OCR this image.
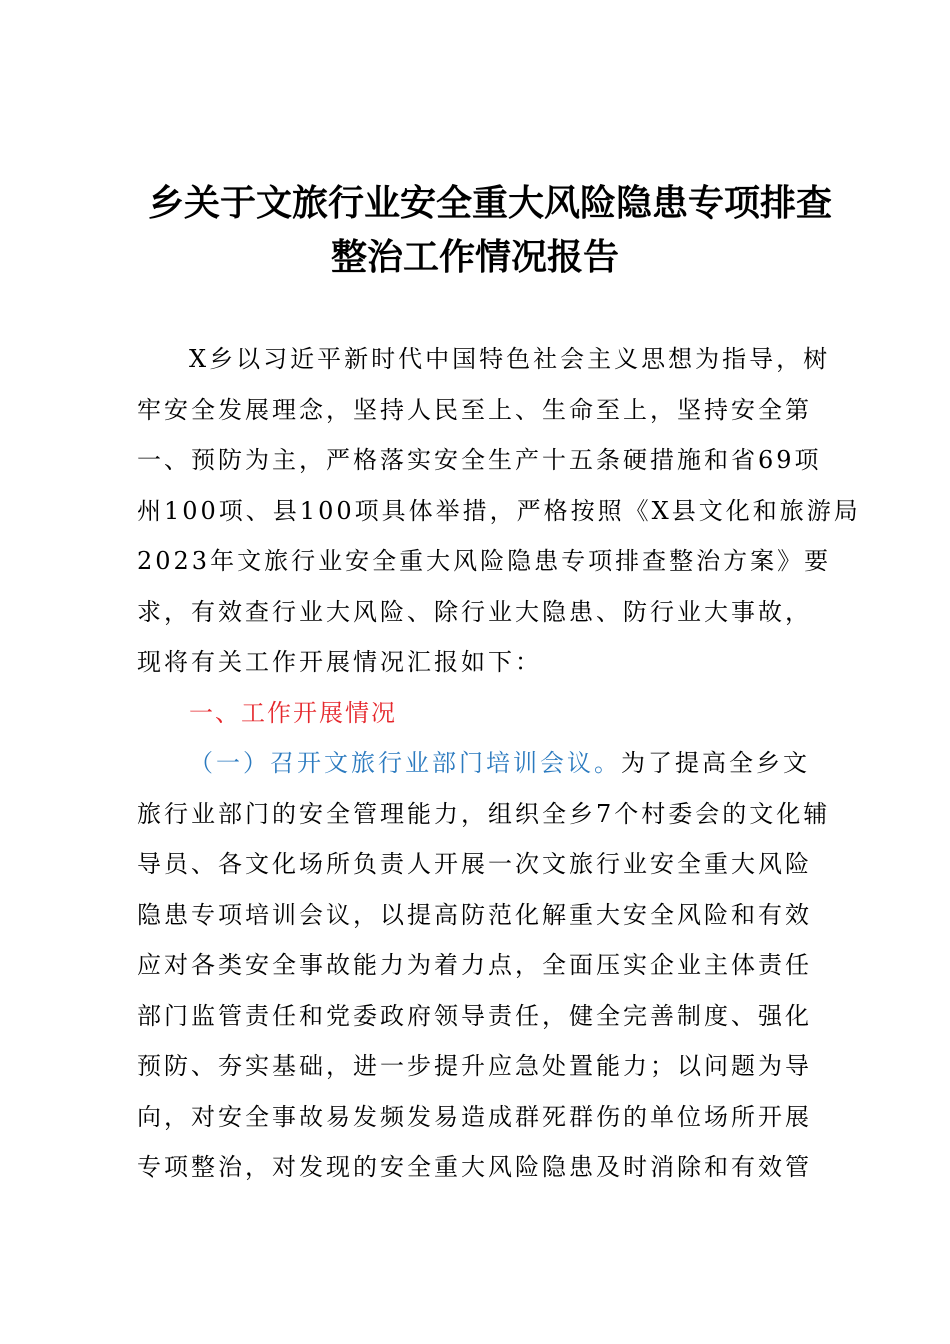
乡关于文旅行业安全重大风险隐患专项排查
整治工作情况报告
X乡以习近平新时代中国特色社会主义思想为指导，树
牢安全发展理念，坚持人民至上、生命至上，坚持安全第
一、预防为主，严格落实安全生产十五条硬措施和省69项
州100项、县100项具体举措，严格按照《X县文化和旅游局
2023年文旅行业安全重大风险隐患专项排查整治方案》要
求，有效查行业大风险、除行业大隐患、防行业大事故，
现将有关工作开展情况汇报如下：
一、工作开展情况
（一）召开文旅行业部门培训会议。为了提高全乡文
旅行业部门的安全管理能力，组织全乡7个村委会的文化辅
导员、各文化场所负责人开展一次文旅行业安全重大风险
隐患专项培训会议，以提高防范化解重大安全风险和有效
应对各类安全事故能力为着力点，全面压实企业主体责任
部门监管责任和党委政府领导责任，健全完善制度、强化
预防、夯实基础，进一步提升应急处置能力；以问题为导
向，对安全事故易发频发易造成群死群伤的单位场所开展
专项整治，对发现的安全重大风险隐患及时消除和有效管
